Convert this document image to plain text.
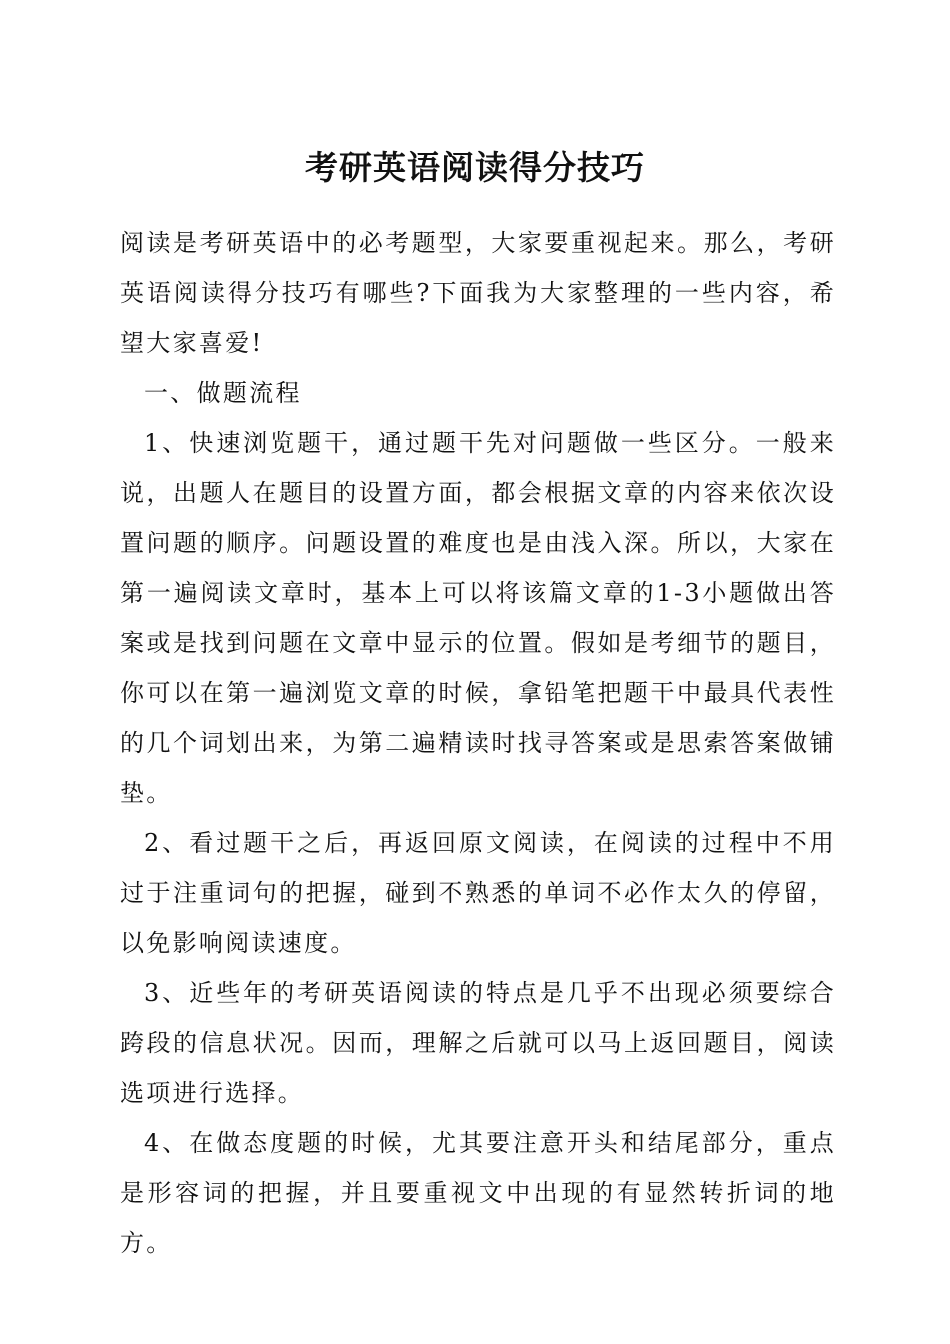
考研英语阅读得分技巧

阅读是考研英语中的必考题型，大家要重视起来。那么，考研英语阅读得分技巧有哪些?下面我为大家整理的一些内容，希望大家喜爱!

一、做题流程

1、快速浏览题干，通过题干先对问题做一些区分。一般来说，出题人在题目的设置方面，都会根据文章的内容来依次设置问题的顺序。问题设置的难度也是由浅入深。所以，大家在第一遍阅读文章时，基本上可以将该篇文章的1-3小题做出答案或是找到问题在文章中显示的位置。假如是考细节的题目，你可以在第一遍浏览文章的时候，拿铅笔把题干中最具代表性的几个词划出来，为第二遍精读时找寻答案或是思索答案做铺垫。

2、看过题干之后，再返回原文阅读，在阅读的过程中不用过于注重词句的把握，碰到不熟悉的单词不必作太久的停留，以免影响阅读速度。

3、近些年的考研英语阅读的特点是几乎不出现必须要综合跨段的信息状况。因而，理解之后就可以马上返回题目，阅读选项进行选择。

4、在做态度题的时候，尤其要注意开头和结尾部分，重点是形容词的把握，并且要重视文中出现的有显然转折词的地方。
